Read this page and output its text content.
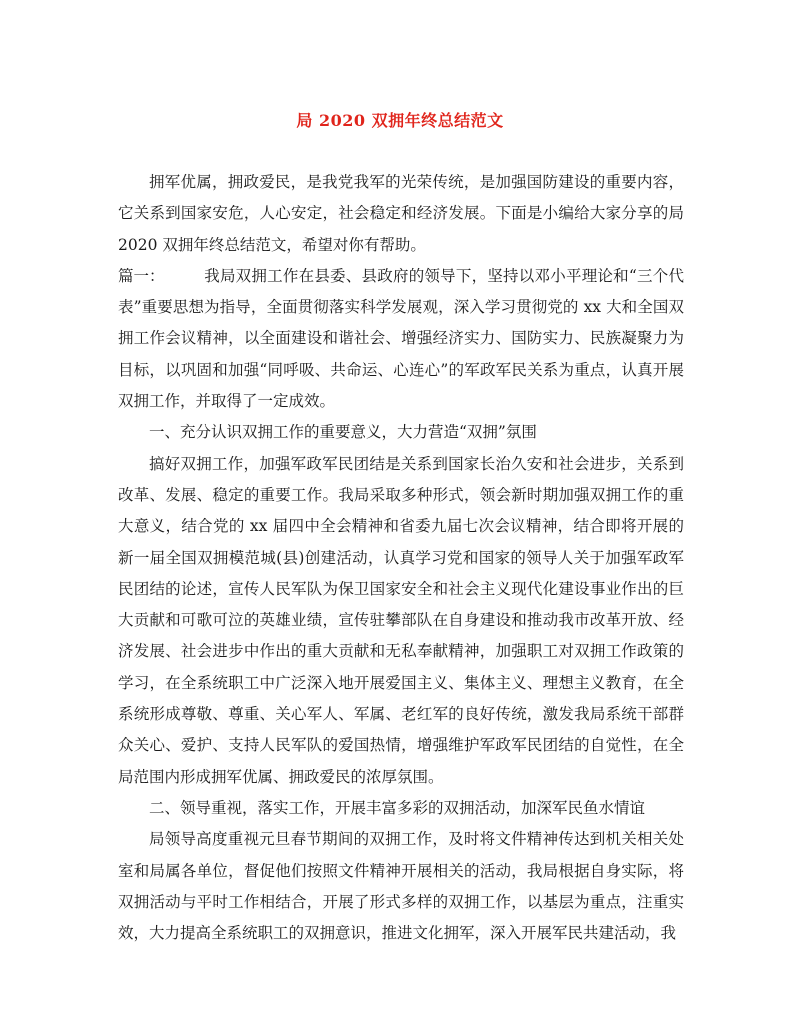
局 2020 双拥年终总结范文

拥军优属，拥政爱民，是我党我军的光荣传统，是加强国防建设的重要内容，它关系到国家安危，人心安定，社会稳定和经济发展。下面是小编给大家分享的局2020 双拥年终总结范文，希望对你有帮助。

篇一：	我局双拥工作在县委、县政府的领导下，坚持以邓小平理论和“三个代表”重要思想为指导，全面贯彻落实科学发展观，深入学习贯彻党的 xx 大和全国双拥工作会议精神，以全面建设和谐社会、增强经济实力、国防实力、民族凝聚力为目标，以巩固和加强“同呼吸、共命运、心连心”的军政军民关系为重点，认真开展双拥工作，并取得了一定成效。

一、充分认识双拥工作的重要意义，大力营造“双拥”氛围

搞好双拥工作，加强军政军民团结是关系到国家长治久安和社会进步，关系到改革、发展、稳定的重要工作。我局采取多种形式，领会新时期加强双拥工作的重大意义，结合党的 xx 届四中全会精神和省委九届七次会议精神，结合即将开展的新一届全国双拥模范城(县)创建活动，认真学习党和国家的领导人关于加强军政军民团结的论述，宣传人民军队为保卫国家安全和社会主义现代化建设事业作出的巨大贡献和可歌可泣的英雄业绩，宣传驻攀部队在自身建设和推动我市改革开放、经济发展、社会进步中作出的重大贡献和无私奉献精神，加强职工对双拥工作政策的学习，在全系统职工中广泛深入地开展爱国主义、集体主义、理想主义教育，在全系统形成尊敬、尊重、关心军人、军属、老红军的良好传统，激发我局系统干部群众关心、爱护、支持人民军队的爱国热情，增强维护军政军民团结的自觉性，在全局范围内形成拥军优属、拥政爱民的浓厚氛围。

二、领导重视，落实工作，开展丰富多彩的双拥活动，加深军民鱼水情谊

局领导高度重视元旦春节期间的双拥工作，及时将文件精神传达到机关相关处室和局属各单位，督促他们按照文件精神开展相关的活动，我局根据自身实际，将双拥活动与平时工作相结合，开展了形式多样的双拥工作，以基层为重点，注重实效，大力提高全系统职工的双拥意识，推进文化拥军，深入开展军民共建活动，我
